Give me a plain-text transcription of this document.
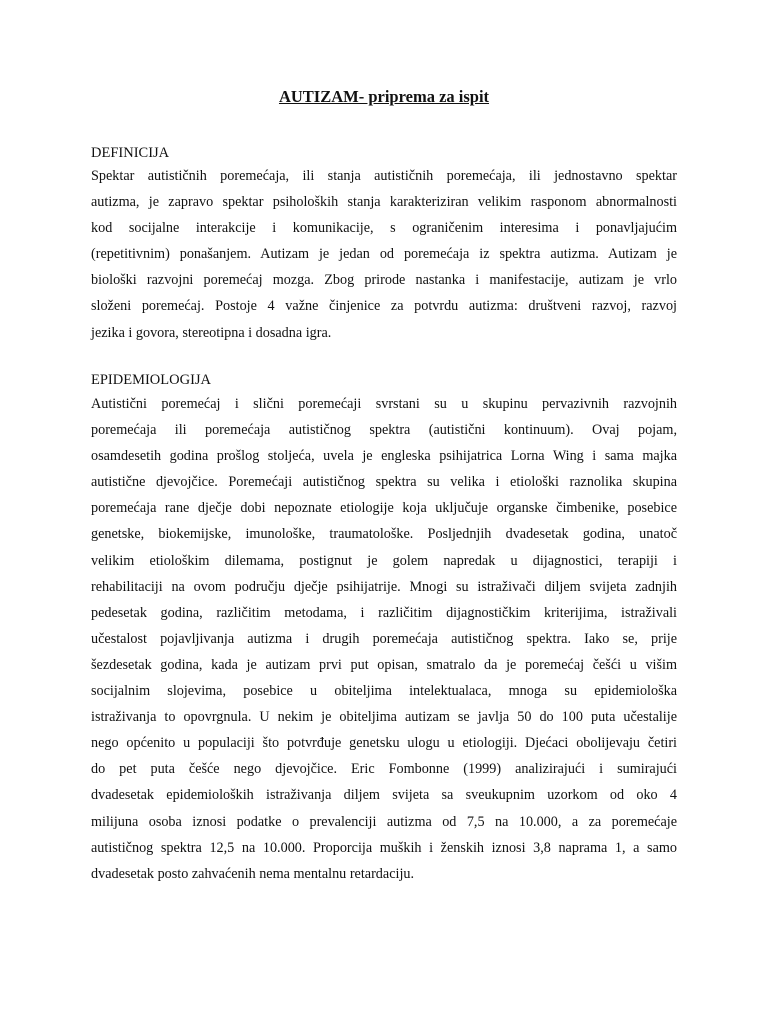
AUTIZAM- priprema za ispit
DEFINICIJA
Spektar autističnih poremećaja, ili stanja autističnih poremećaja, ili jednostavno spektar
autizma, je zapravo spektar psiholoških stanja karakteriziran velikim rasponom abnormalnosti
kod socijalne interakcije i komunikacije, s ograničenim interesima i ponavljajućim
(repetitivnim) ponašanjem. Autizam je jedan od poremećaja iz spektra autizma. Autizam je
biološki razvojni poremećaj mozga. Zbog prirode nastanka i manifestacije, autizam je vrlo
složeni poremećaj. Postoje 4 važne činjenice za potvrdu autizma: društveni razvoj, razvoj
jezika i govora, stereotipna i dosadna igra.
EPIDEMIOLOGIJA
Autistični poremećaj i slični poremećaji svrstani su u skupinu pervazivnih razvojnih
poremećaja ili poremećaja autističnog spektra (autistični kontinuum). Ovaj pojam,
osamdesetih godina prošlog stoljeća, uvela je engleska psihijatrica Lorna Wing i sama majka
autistične djevojčice. Poremećaji autističnog spektra su velika i etiološki raznolika skupina
poremećaja rane dječje dobi nepoznate etiologije koja uključuje organske čimbenike, posebice
genetske, biokemijske, imunološke, traumatološke. Posljednjih dvadesetak godina, unatoč
velikim etiološkim dilemama, postignut je golem napredak u dijagnostici, terapiji i
rehabilitaciji na ovom području dječje psihijatrije. Mnogi su istraživači diljem svijeta zadnjih
pedesetak godina, različitim metodama, i različitim dijagnostičkim kriterijima, istraživali
učestalost pojavljivanja autizma i drugih poremećaja autističnog spektra. Iako se, prije
šezdesetak godina, kada je autizam prvi put opisan, smatralo da je poremećaj češći u višim
socijalnim slojevima, posebice u obiteljima intelektualaca, mnoga su epidemiološka
istraživanja to opovrgnula. U nekim je obiteljima autizam se javlja 50 do 100 puta učestalije
nego općenito u populaciji što potvrđuje genetsku ulogu u etiologiji. Djećaci obolijevaju četiri
do pet puta češće nego djevojčice. Eric Fombonne (1999) analizirajući i sumirajući
dvadesetak epidemioloških istraživanja diljem svijeta sa sveukupnim uzorkom od oko 4
milijuna osoba iznosi podatke o prevalenciji autizma od 7,5 na 10.000, a za poremećaje
autističnog spektra 12,5 na 10.000. Proporcija muških i ženskih iznosi 3,8 naprama 1, a samo
dvadesetak posto zahvaćenih nema mentalnu retardaciju.
